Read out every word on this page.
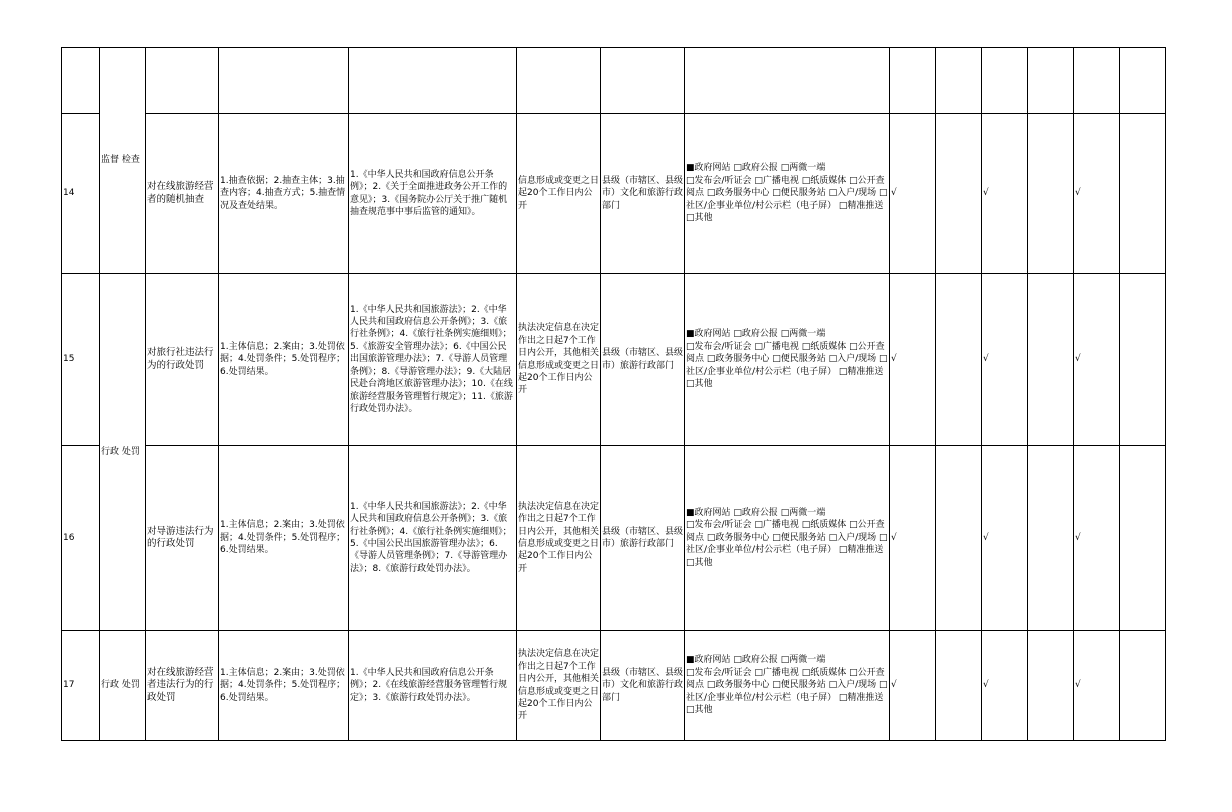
	监督 检查												
14		对在线旅游经营者的随机抽查	1.抽查依据；2.抽查主体；3.抽查内容；4.抽查方式；5.抽查情况及查处结果。	1.《中华人民共和国政府信息公开条例》；2.《关于全面推进政务公开工作的意见》；3.《国务院办公厅关于推广随机抽查规范事中事后监管的通知》。	信息形成或变更之日起20个工作日内公开	县级（市辖区、县级市）文化和旅游行政部门	■政府网站 □政府公报 □两微一端
□发布会/听证会 □广播电视 □纸质媒体 □公开查阅点 □政务服务中心 □便民服务站 □入户/现场 □社区/企事业单位/村公示栏（电子屏） □精准推送 □其他	√		√		√	
15	行政 处罚	对旅行社违法行为的行政处罚	1.主体信息；2.案由；3.处罚依据；4.处罚条件；5.处罚程序；6.处罚结果。	1.《中华人民共和国旅游法》；2.《中华人民共和国政府信息公开条例》；3.《旅行社条例》；4.《旅行社条例实施细则》；5.《旅游安全管理办法》；6.《中国公民出国旅游管理办法》；7.《导游人员管理条例》；8.《导游管理办法》；9.《大陆居民赴台湾地区旅游管理办法》；10.《在线旅游经营服务管理暂行规定》；11.《旅游行政处罚办法》。	执法决定信息在决定作出之日起7个工作日内公开，其他相关信息形成或变更之日起20个工作日内公开	县级（市辖区、县级市）旅游行政部门	■政府网站 □政府公报 □两微一端
□发布会/听证会 □广播电视 □纸质媒体 □公开查阅点 □政务服务中心 □便民服务站 □入户/现场 □社区/企事业单位/村公示栏（电子屏） □精准推送 □其他	√		√		√	
16		对导游违法行为的行政处罚	1.主体信息；2.案由；3.处罚依据；4.处罚条件；5.处罚程序；6.处罚结果。	1.《中华人民共和国旅游法》；2.《中华人民共和国政府信息公开条例》；3.《旅行社条例》；4.《旅行社条例实施细则》；5.《中国公民出国旅游管理办法》；6.《导游人员管理条例》；7.《导游管理办法》；8.《旅游行政处罚办法》。	执法决定信息在决定作出之日起7个工作日内公开，其他相关信息形成或变更之日起20个工作日内公开	县级（市辖区、县级市）旅游行政部门	■政府网站 □政府公报 □两微一端
□发布会/听证会 □广播电视 □纸质媒体 □公开查阅点 □政务服务中心 □便民服务站 □入户/现场 □社区/企事业单位/村公示栏（电子屏） □精准推送 □其他	√		√		√	
17	行政 处罚	对在线旅游经营者违法行为的行政处罚	1.主体信息；2.案由；3.处罚依据；4.处罚条件；5.处罚程序；6.处罚结果。	1.《中华人民共和国政府信息公开条例》；2.《在线旅游经营服务管理暂行规定》；3.《旅游行政处罚办法》。	执法决定信息在决定作出之日起7个工作日内公开，其他相关信息形成或变更之日起20个工作日内公开	县级（市辖区、县级市）文化和旅游行政部门	■政府网站 □政府公报 □两微一端
□发布会/听证会 □广播电视 □纸质媒体 □公开查阅点 □政务服务中心 □便民服务站 □入户/现场 □社区/企事业单位/村公示栏（电子屏） □精准推送 □其他	√		√		√	
